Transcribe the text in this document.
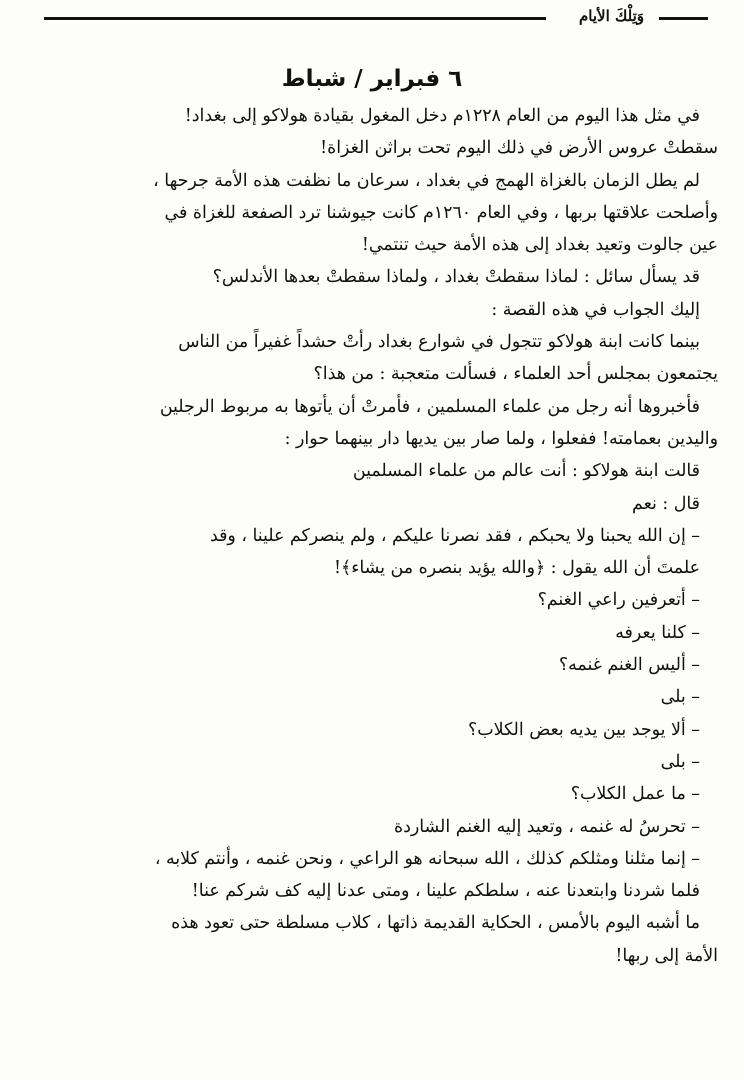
وَتِلْكَ الأيام
٦ فبراير / شباط
في مثل هذا اليوم من العام ١٢٢٨م دخل المغول بقيادة هولاكو إلى بغداد!
سقطتْ عروس الأرض في ذلك اليوم تحت براثن الغزاة!
لم يطل الزمان بالغزاة الهمج في بغداد ، سرعان ما نظفت هذه الأمة جرحها ،
وأصلحت علاقتها بربها ، وفي العام ١٢٦٠م كانت جيوشنا ترد الصفعة للغزاة في
عين جالوت وتعيد بغداد إلى هذه الأمة حيث تنتمي!
قد يسأل سائل : لماذا سقطتْ بغداد ، ولماذا سقطتْ بعدها الأندلس؟
إليك الجواب في هذه القصة :
بينما كانت ابنة هولاكو تتجول في شوارع بغداد رأتْ حشداً غفيراً من الناس
يجتمعون بمجلس أحد العلماء ، فسألت متعجبة : من هذا؟
فأخبروها أنه رجل من علماء المسلمين ، فأمرتْ أن يأتوها به مربوط الرجلين
واليدين بعمامته! ففعلوا ، ولما صار بين يديها دار بينهما حوار :
قالت ابنة هولاكو : أنت عالم من علماء المسلمين
قال : نعم
– إن الله يحبنا ولا يحبكم ، فقد نصرنا عليكم ، ولم ينصركم علينا ، وقد
علمتَ أن الله يقول : ﴿والله يؤيد بنصره من يشاء﴾!
– أتعرفين راعي الغنم؟
– كلنا يعرفه
– أليس الغنم غنمه؟
– بلى
– ألا يوجد بين يديه بعض الكلاب؟
– بلى
– ما عمل الكلاب؟
– تحرسُ له غنمه ، وتعيد إليه الغنم الشاردة
– إنما مثلنا ومثلكم كذلك ، الله سبحانه هو الراعي ، ونحن غنمه ، وأنتم كلابه ،
فلما شردنا وابتعدنا عنه ، سلطكم علينا ، ومتى عدنا إليه كف شركم عنا!
ما أشبه اليوم بالأمس ، الحكاية القديمة ذاتها ، كلاب مسلطة حتى تعود هذه
الأمة إلى ربها!
